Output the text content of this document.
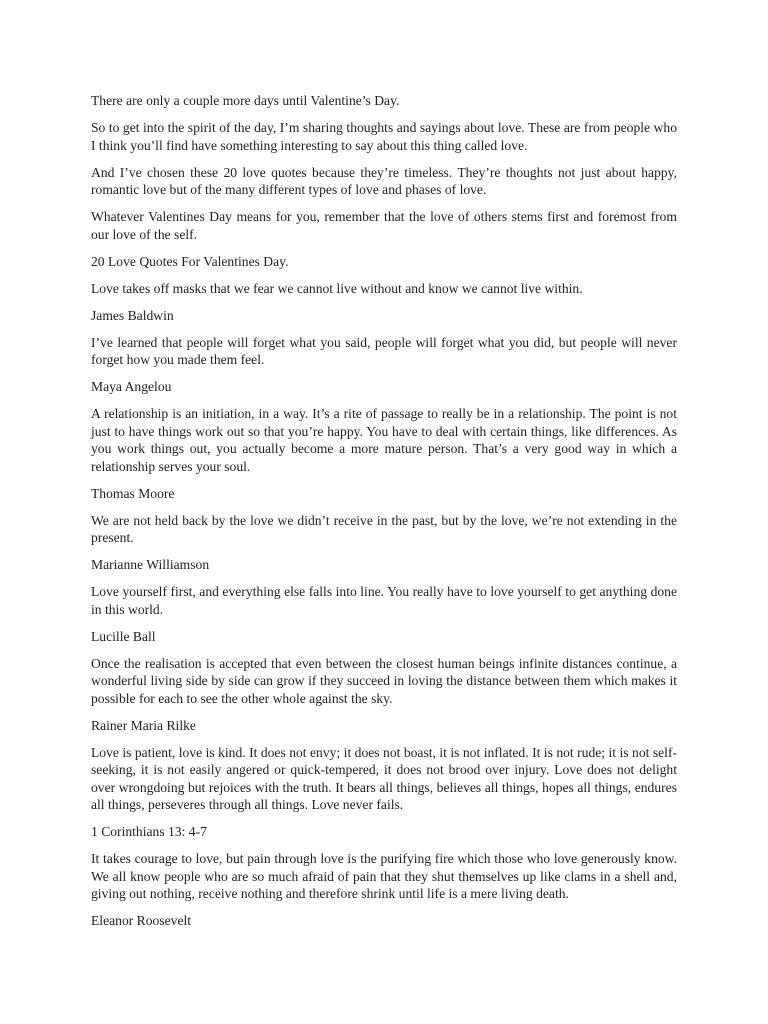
There are only a couple more days until Valentine’s Day.

So to get into the spirit of the day, I’m sharing thoughts and sayings about love. These are from people who I think you’ll find have something interesting to say about this thing called love.

And I’ve chosen these 20 love quotes because they’re timeless. They’re thoughts not just about happy, romantic love but of the many different types of love and phases of love.

Whatever Valentines Day means for you, remember that the love of others stems first and foremost from our love of the self.

20 Love Quotes For Valentines Day.

Love takes off masks that we fear we cannot live without and know we cannot live within.

James Baldwin

I’ve learned that people will forget what you said, people will forget what you did, but people will never forget how you made them feel.

Maya Angelou

A relationship is an initiation, in a way. It’s a rite of passage to really be in a relationship. The point is not just to have things work out so that you’re happy. You have to deal with certain things, like differences. As you work things out, you actually become a more mature person. That’s a very good way in which a relationship serves your soul.

Thomas Moore

We are not held back by the love we didn’t receive in the past, but by the love, we’re not extending in the present.

Marianne Williamson

Love yourself first, and everything else falls into line. You really have to love yourself to get anything done in this world.

Lucille Ball

Once the realisation is accepted that even between the closest human beings infinite distances continue, a wonderful living side by side can grow if they succeed in loving the distance between them which makes it possible for each to see the other whole against the sky.

Rainer Maria Rilke

Love is patient, love is kind. It does not envy; it does not boast, it is not inflated. It is not rude; it is not self-seeking, it is not easily angered or quick-tempered, it does not brood over injury. Love does not delight over wrongdoing but rejoices with the truth. It bears all things, believes all things, hopes all things, endures all things, perseveres through all things. Love never fails.

1 Corinthians 13: 4-7

It takes courage to love, but pain through love is the purifying fire which those who love generously know. We all know people who are so much afraid of pain that they shut themselves up like clams in a shell and, giving out nothing, receive nothing and therefore shrink until life is a mere living death.

Eleanor Roosevelt
